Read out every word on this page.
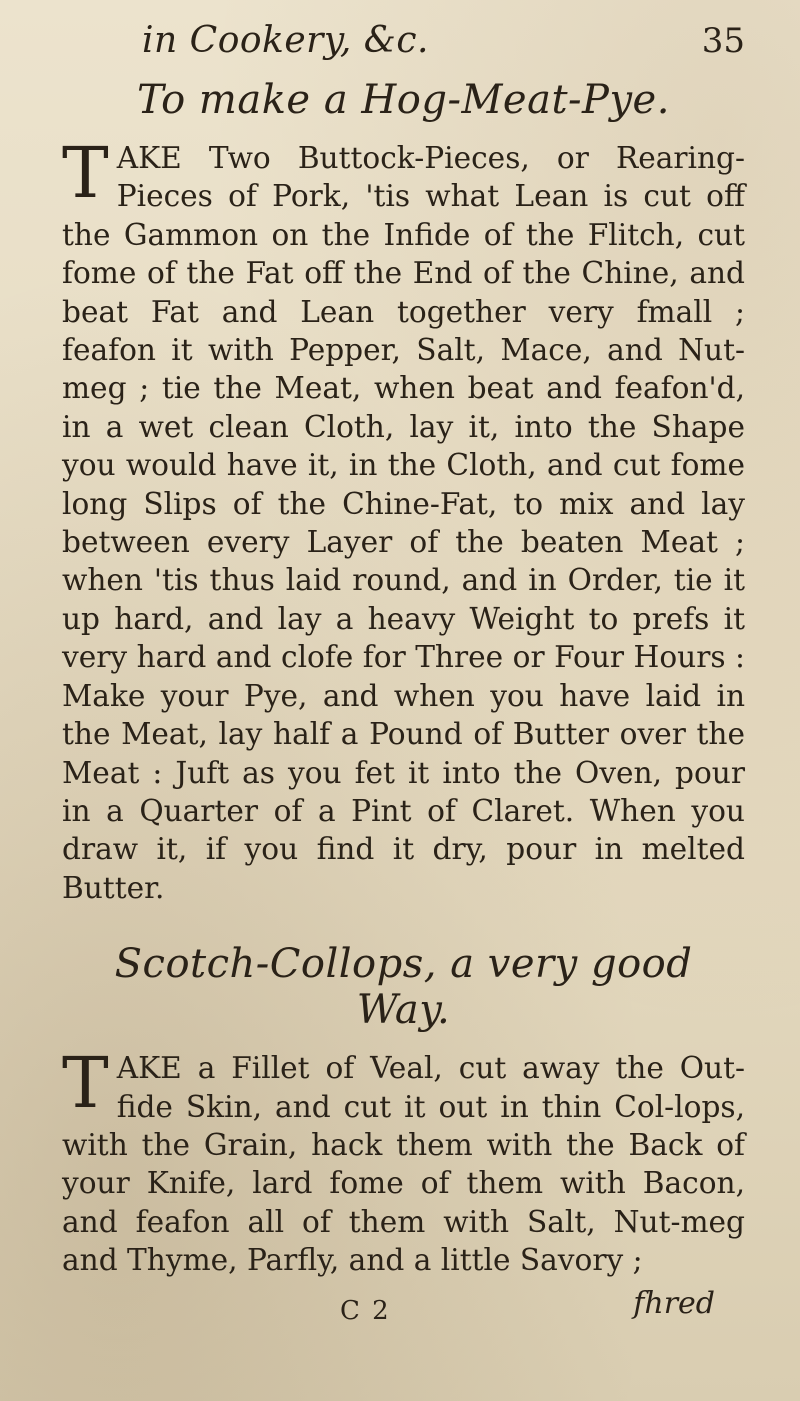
in Cookery, &c.	35
To make a Hog-Meat-Pye.

TAKE Two Buttock-Pieces, or Rearing-Pieces of Pork, 'tis what Lean is cut off the Gammon on the Infide of the Flitch, cut fome of the Fat off the End of the Chine, and beat Fat and Lean together very fmall ; feafon it with Pepper, Salt, Mace, and Nut-meg ; tie the Meat, when beat and feafon'd, in a wet clean Cloth, lay it, into the Shape you would have it, in the Cloth, and cut fome long Slips of the Chine-Fat, to mix and lay between every Layer of the beaten Meat ; when 'tis thus laid round, and in Order, tie it up hard, and lay a heavy Weight to prefs it very hard and clofe for Three or Four Hours : Make your Pye, and when you have laid in the Meat, lay half a Pound of Butter over the Meat : Juft as you fet it into the Oven, pour in a Quarter of a Pint of Claret. When you draw it, if you find it dry, pour in melted Butter.

Scotch-Collops, a very good Way.

TAKE a Fillet of Veal, cut away the Out-fide Skin, and cut it out in thin Col-lops, with the Grain, hack them with the Back of your Knife, lard fome of them with Bacon, and feafon all of them with Salt, Nut-meg and Thyme, Parfly, and a little Savory ;

fhred
C 2
